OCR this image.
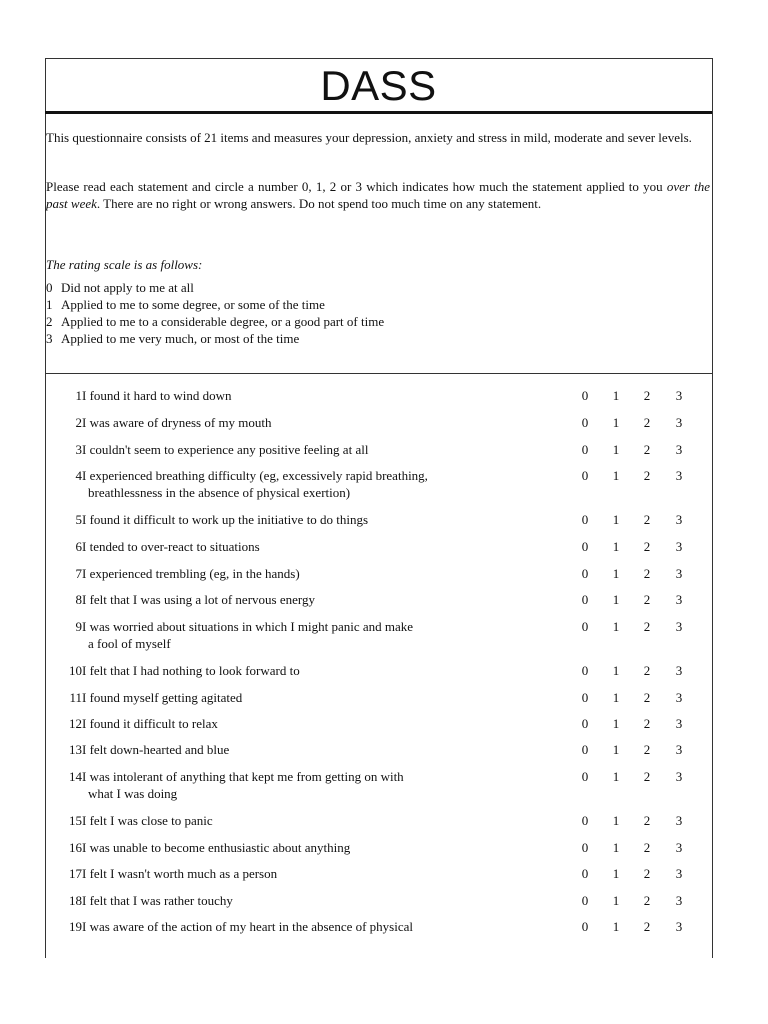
DASS
This questionnaire consists of 21 items and measures your depression, anxiety and stress in mild, moderate and sever levels.
Please read each statement and circle a number 0, 1, 2 or 3 which indicates how much the statement applied to you over the past week. There are no right or wrong answers. Do not spend too much time on any statement.
The rating scale is as follows:
0 Did not apply to me at all
1 Applied to me to some degree, or some of the time
2 Applied to me to a considerable degree, or a good part of time
3 Applied to me very much, or most of the time
1 I found it hard to wind down	0	1	2	3
2 I was aware of dryness of my mouth	0	1	2	3
3 I couldn't seem to experience any positive feeling at all	0	1	2	3
4 I experienced breathing difficulty (eg, excessively rapid breathing,
breathlessness in the absence of physical exertion)
0	1	2	3
5 I found it difficult to work up the initiative to do things	0	1	2	3
6 I tended to over-react to situations	0	1	2	3
7 I experienced trembling (eg, in the hands)	0	1	2	3
8 I felt that I was using a lot of nervous energy	0	1	2	3
9 I was worried about situations in which I might panic and make
a fool of myself
0	1	2	3
10 I felt that I had nothing to look forward to	0	1	2	3
11 I found myself getting agitated	0	1	2	3
12 I found it difficult to relax	0	1	2	3
13 I felt down-hearted and blue	0	1	2	3
14 I was intolerant of anything that kept me from getting on with
what I was doing
0	1	2	3
15 I felt I was close to panic	0	1	2	3
16 I was unable to become enthusiastic about anything	0	1	2	3
17 I felt I wasn't worth much as a person	0	1	2	3
18 I felt that I was rather touchy	0	1	2	3
19 I was aware of the action of my heart in the absence of physical	0	1	2	3
